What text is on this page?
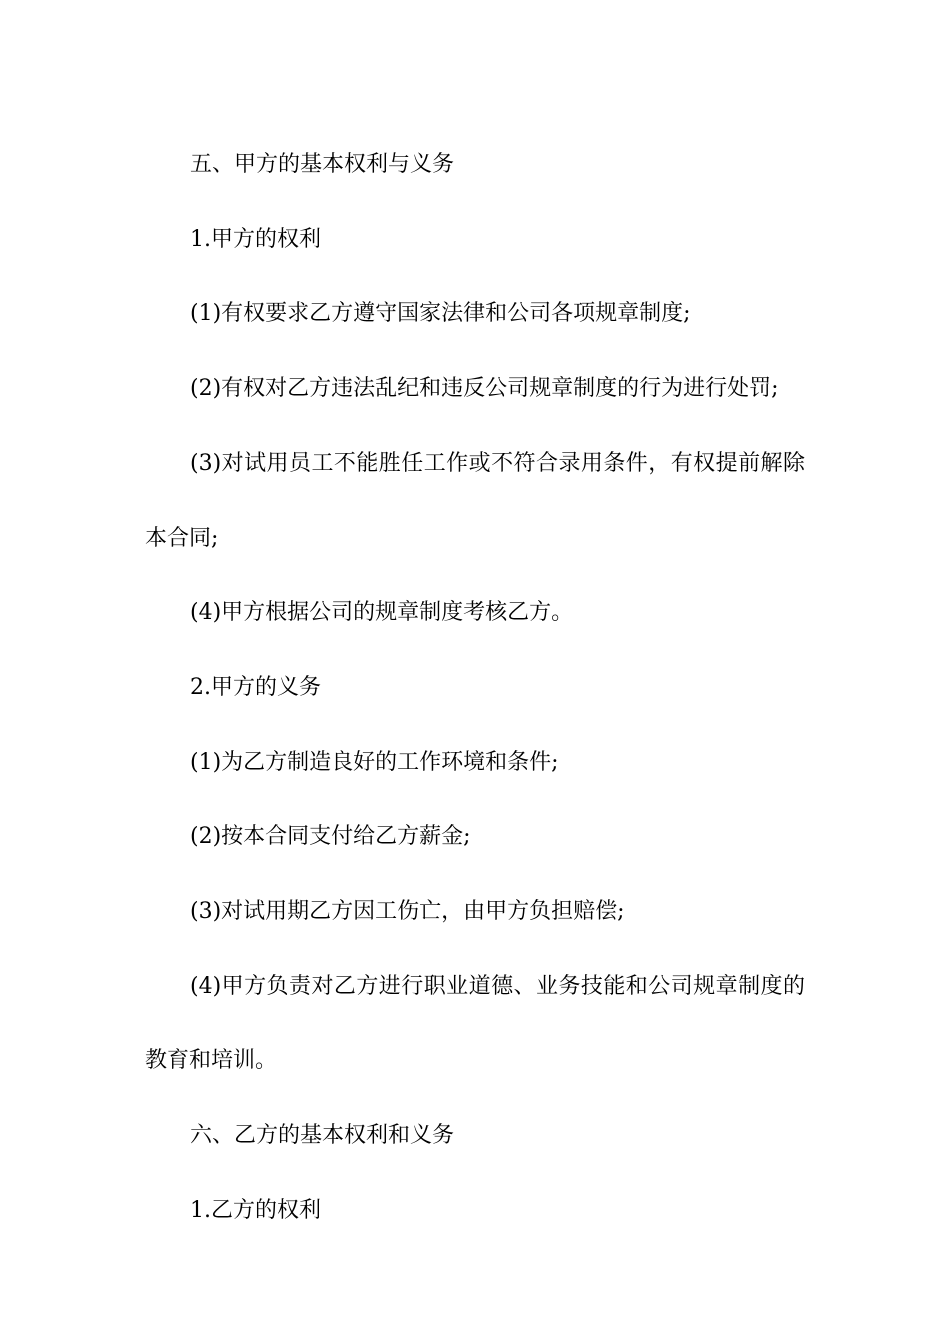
五、甲方的基本权利与义务

1.甲方的权利

(1)有权要求乙方遵守国家法律和公司各项规章制度;

(2)有权对乙方违法乱纪和违反公司规章制度的行为进行处罚;

(3)对试用员工不能胜任工作或不符合录用条件，有权提前解除本合同;

(4)甲方根据公司的规章制度考核乙方。

2.甲方的义务

(1)为乙方制造良好的工作环境和条件;

(2)按本合同支付给乙方薪金;

(3)对试用期乙方因工伤亡，由甲方负担赔偿;

(4)甲方负责对乙方进行职业道德、业务技能和公司规章制度的教育和培训。

六、乙方的基本权利和义务

1.乙方的权利
